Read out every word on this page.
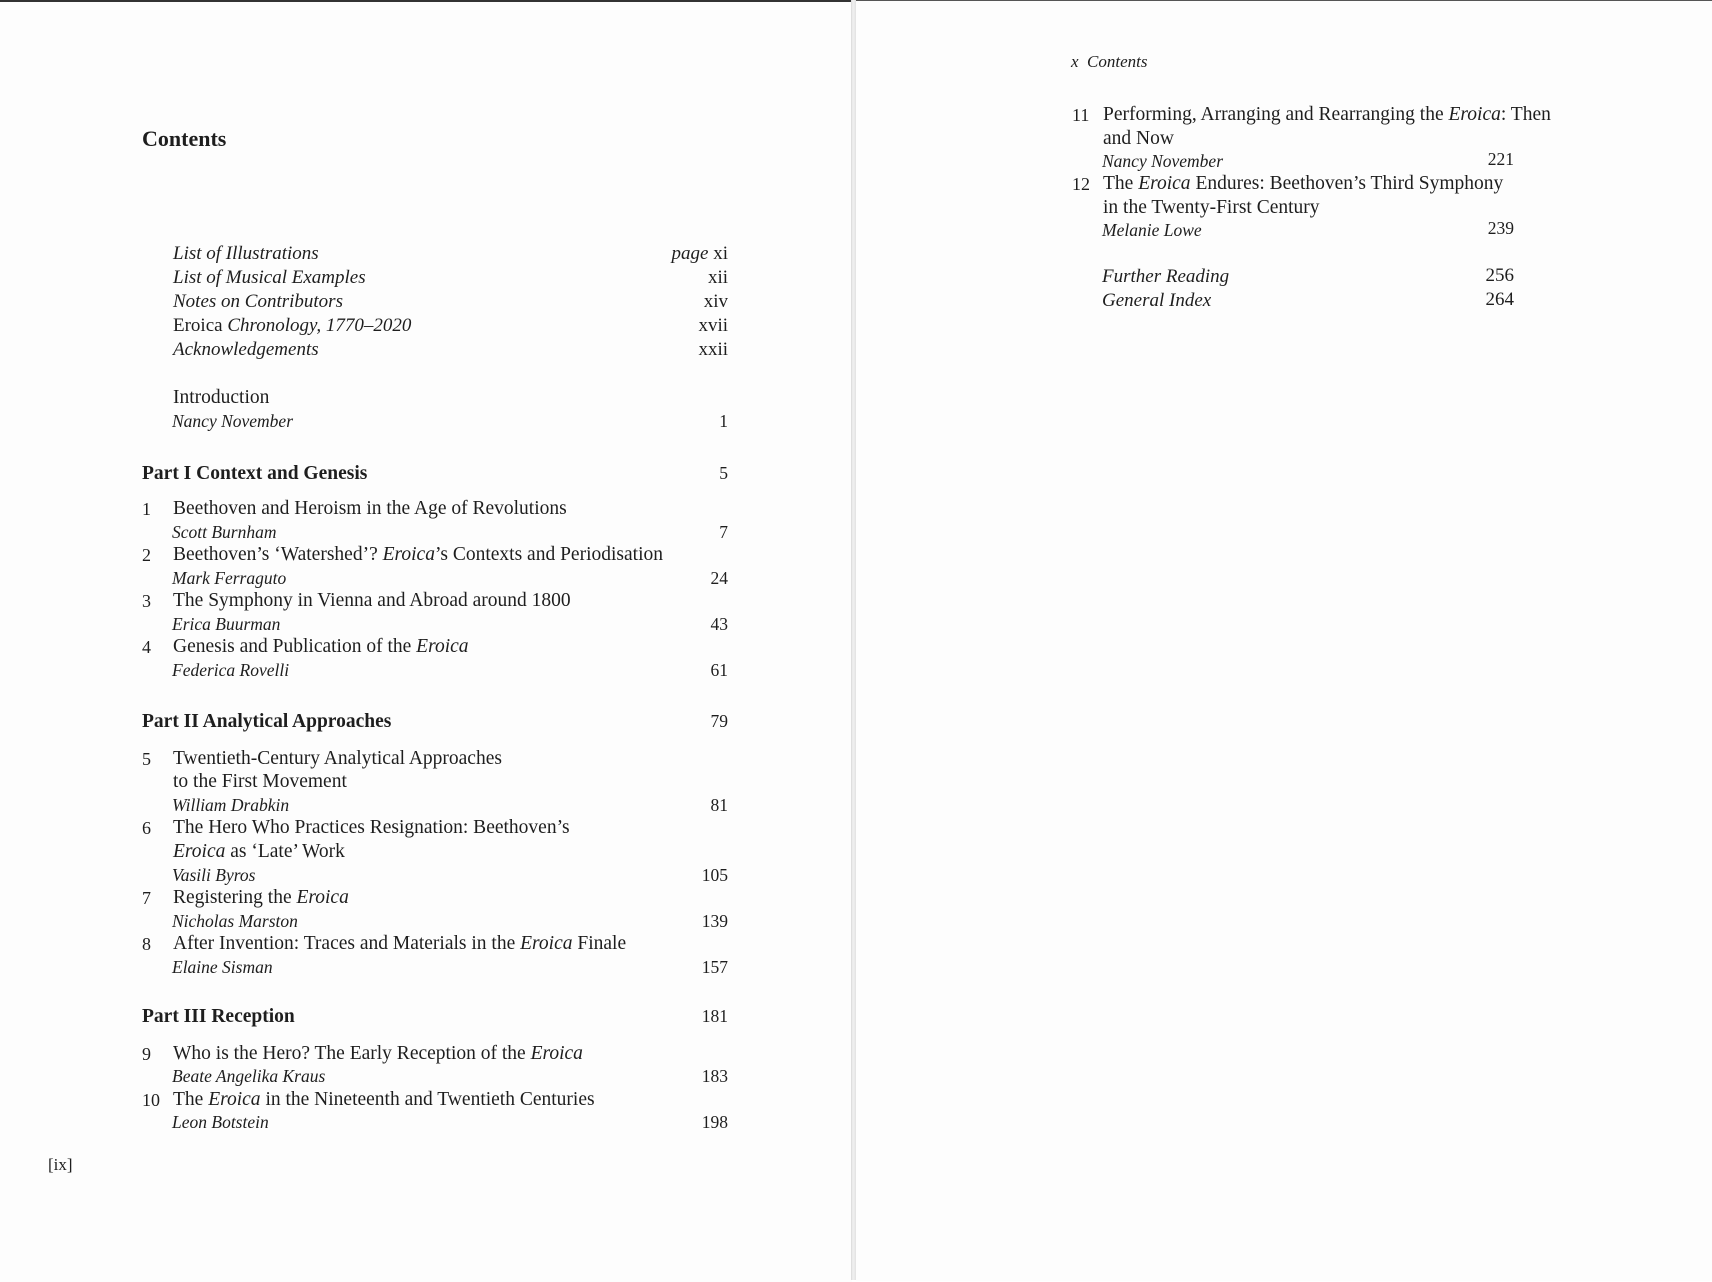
Contents
List of Illustrations	page xi
List of Musical Examples	xii
Notes on Contributors	xiv
Eroica Chronology, 1770–2020	xvii
Acknowledgements	xxii
Introduction
Nancy November	1
Part I Context and Genesis	5
1 Beethoven and Heroism in the Age of Revolutions
Scott Burnham	7
2 Beethoven’s ‘Watershed’? Eroica’s Contexts and Periodisation
Mark Ferraguto	24
3 The Symphony in Vienna and Abroad around 1800
Erica Buurman	43
4 Genesis and Publication of the Eroica
Federica Rovelli	61
Part II Analytical Approaches	79
5 Twentieth-Century Analytical Approaches
to the First Movement
William Drabkin	81
6 The Hero Who Practices Resignation: Beethoven’s
Eroica as ‘Late’ Work
Vasili Byros	105
7 Registering the Eroica
Nicholas Marston	139
8 After Invention: Traces and Materials in the Eroica Finale
Elaine Sisman	157
Part III Reception	181
9 Who is the Hero? The Early Reception of the Eroica
Beate Angelika Kraus	183
10 The Eroica in the Nineteenth and Twentieth Centuries
Leon Botstein	198
[ix]
x  Contents
11 Performing, Arranging and Rearranging the Eroica: Then
and Now
Nancy November	221
12 The Eroica Endures: Beethoven’s Third Symphony
in the Twenty-First Century
Melanie Lowe	239
Further Reading	256
General Index	264
